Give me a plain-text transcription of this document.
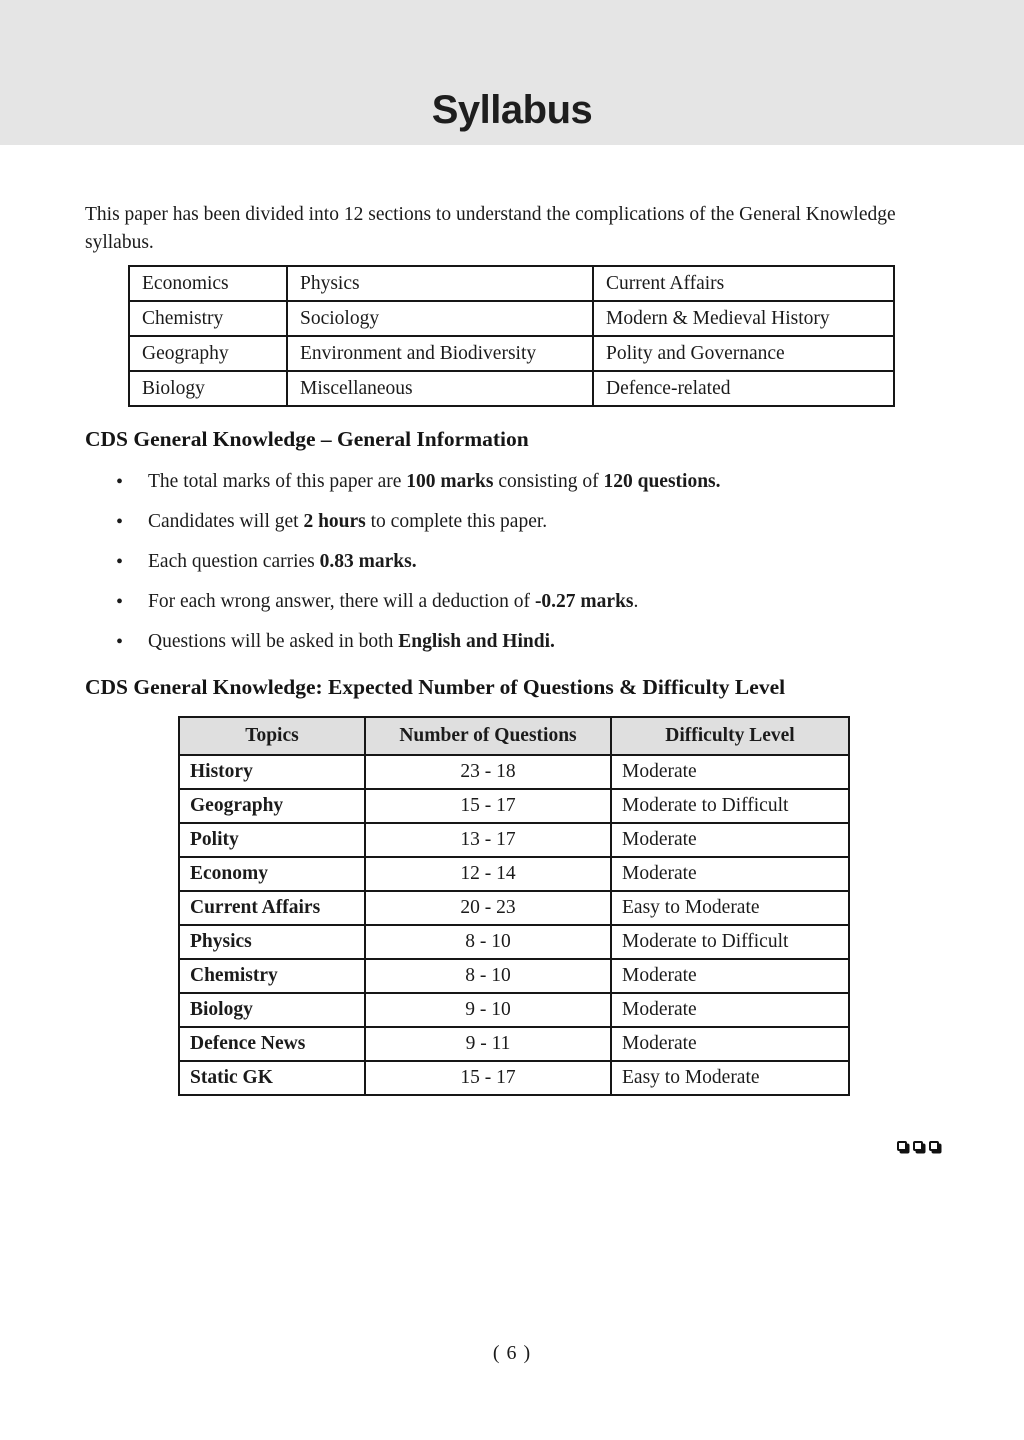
Syllabus

This paper has been divided into 12 sections to understand the complications of the General Knowledge syllabus.

Economics	Physics	Current Affairs
Chemistry	Sociology	Modern & Medieval History
Geography	Environment and Biodiversity	Polity and Governance
Biology	Miscellaneous	Defence-related
CDS General Knowledge – General Information
• The total marks of this paper are 100 marks consisting of 120 questions.
• Candidates will get 2 hours to complete this paper.
• Each question carries 0.83 marks.
• For each wrong answer, there will a deduction of -0.27 marks.
• Questions will be asked in both English and Hindi.
CDS General Knowledge: Expected Number of Questions & Difficulty Level
Topics	Number of Questions	Difficulty Level
History	23 - 18	Moderate
Geography	15 - 17	Moderate to Difficult
Polity	13 - 17	Moderate
Economy	12 - 14	Moderate
Current Affairs	20 - 23	Easy to Moderate
Physics	8 - 10	Moderate to Difficult
Chemistry	8 - 10	Moderate
Biology	9 - 10	Moderate
Defence News	9 - 11	Moderate
Static GK	15 - 17	Easy to Moderate
( 6 )
